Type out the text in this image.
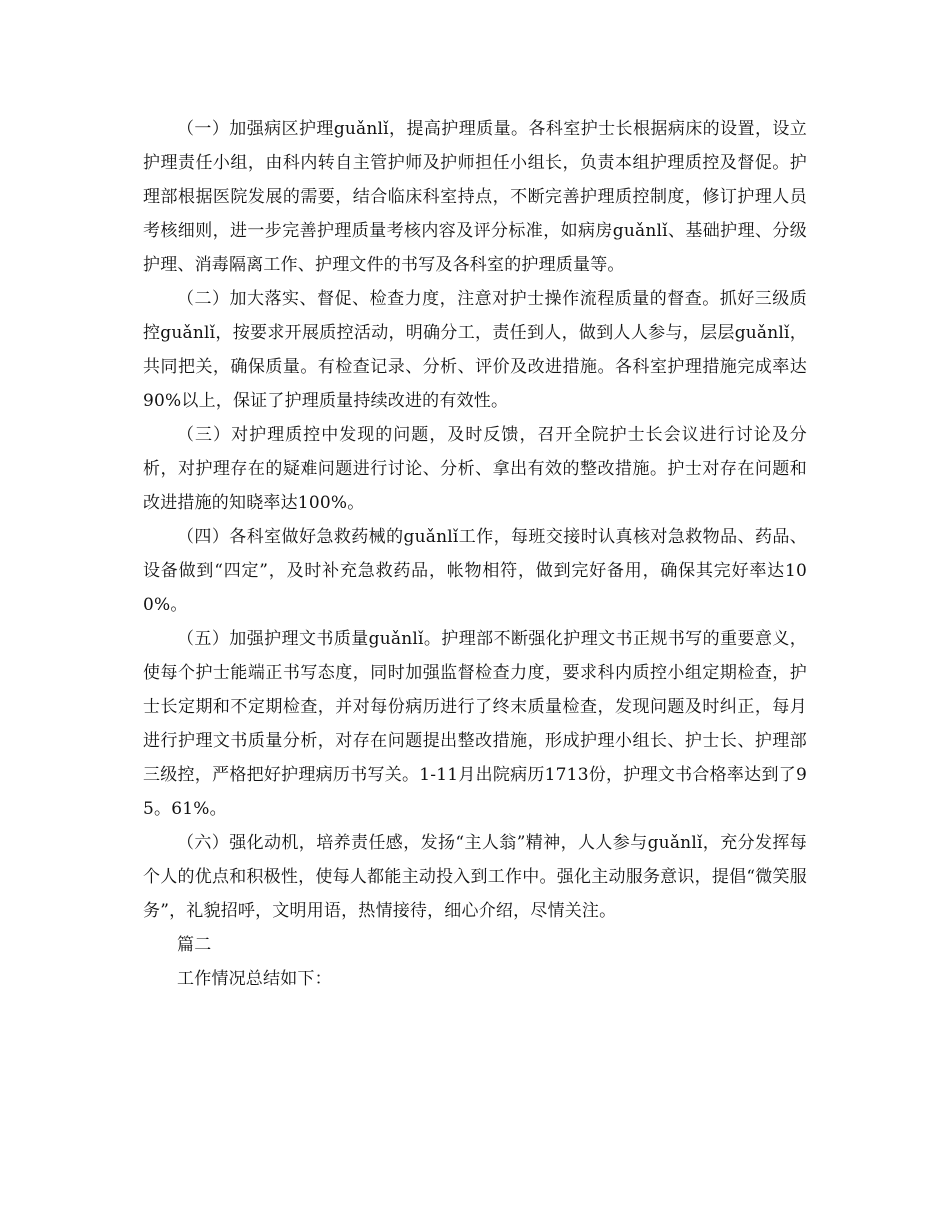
（一）加强病区护理guǎnlǐ，提高护理质量。各科室护士长根据病床的设置，设立护理责任小组，由科内转自主管护师及护师担任小组长，负责本组护理质控及督促。护理部根据医院发展的需要，结合临床科室持点，不断完善护理质控制度，修订护理人员考核细则，进一步完善护理质量考核内容及评分标准，如病房guǎnlǐ、基础护理、分级护理、消毒隔离工作、护理文件的书写及各科室的护理质量等。

（二）加大落实、督促、检查力度，注意对护士操作流程质量的督查。抓好三级质控guǎnlǐ，按要求开展质控活动，明确分工，责任到人，做到人人参与，层层guǎnlǐ，共同把关，确保质量。有检查记录、分析、评价及改进措施。各科室护理措施完成率达90%以上，保证了护理质量持续改进的有效性。

（三）对护理质控中发现的问题，及时反馈，召开全院护士长会议进行讨论及分析，对护理存在的疑难问题进行讨论、分析、拿出有效的整改措施。护士对存在问题和改进措施的知晓率达100%。

（四）各科室做好急救药械的guǎnlǐ工作，每班交接时认真核对急救物品、药品、设备做到“四定”，及时补充急救药品，帐物相符，做到完好备用，确保其完好率达100%。

（五）加强护理文书质量guǎnlǐ。护理部不断强化护理文书正规书写的重要意义，使每个护士能端正书写态度，同时加强监督检查力度，要求科内质控小组定期检查，护士长定期和不定期检查，并对每份病历进行了终末质量检查，发现问题及时纠正，每月进行护理文书质量分析，对存在问题提出整改措施，形成护理小组长、护士长、护理部三级控，严格把好护理病历书写关。1-11月出院病历1713份，护理文书合格率达到了95。61%。

（六）强化动机，培养责任感，发扬“主人翁”精神，人人参与guǎnlǐ，充分发挥每个人的优点和积极性，使每人都能主动投入到工作中。强化主动服务意识，提倡“微笑服务”，礼貌招呼，文明用语，热情接待，细心介绍，尽情关注。

篇二

工作情况总结如下：
